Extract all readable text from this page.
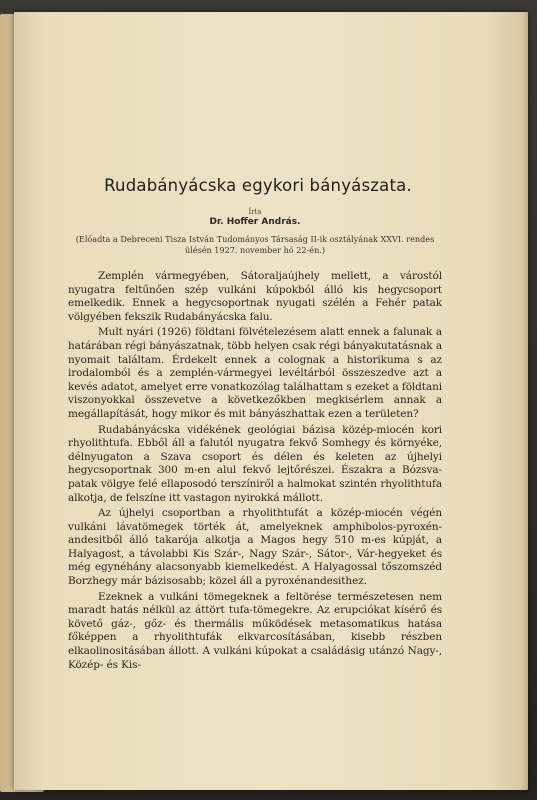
Rudabányácska egykori bányászata.
Írta
Dr. Hoffer András.
(Előadta a Debreceni Tisza István Tudományos Társaság II-ik osztályának XXVI. rendes ülésén 1927. november hó 22-én.)

Zemplén vármegyében, Sátoraljaújhely mellett, a várostól nyugatra feltűnően szép vulkáni kúpokból álló kis hegycsoport emelkedik. Ennek a hegycsoportnak nyugati szélén a Fehér patak völgyében fekszik Rudabányácska falu.

Mult nyári (1926) földtani fölvételezésem alatt ennek a falunak a határában régi bányászatnak, több helyen csak régi bányakutatásnak a nyomait találtam. Érdekelt ennek a colognak a historikuma s az irodalomból és a zemplén-vármegyei levéltárból összeszedve azt a kevés adatot, amelyet erre vonatkozólag találhattam s ezeket a földtani viszonyokkal összevetve a következőkben megkisérlem annak a megállapítását, hogy mikor és mit bányászhattak ezen a területen?

Rudabányácska vidékének geológiai bázisa közép-miocén kori rhyolithtufa. Ebből áll a falutól nyugatra fekvő Somhegy és környéke, délnyugaton a Szava csoport és délen és keleten az újhelyi hegycsoportnak 300 m-en alul fekvő lejtőrészei. Északra a Bózsva-patak völgye felé ellaposodó terszíniről a halmokat szintén rhyolithtufa alkotja, de felszíne itt vastagon nyirokká mállott.

Az újhelyi csoportban a rhyolithtufát a közép-miocén végén vulkáni lávatömegek törték át, amelyeknek amphibolos-pyroxén-andesitből álló takarója alkotja a Magos hegy 510 m-es kúpját, a Halyagost, a távolabbi Kis Szár-, Nagy Szár-, Sátor-, Vár-hegyeket és még egynéhány alacsonyabb kiemelkedést. A Halyagossal tőszomszéd Borzhegy már bázisosabb; közel áll a pyroxénandesithez.

Ezeknek a vulkáni tömegeknek a feltörése természetesen nem maradt hatás nélkül az áttört tufa-tömegekre. Az erupciókat kísérő és követő gáz-, gőz- és thermális működések metasomatikus hatása főképpen a rhyolithtufák elkvarcosításában, kisebb részben elkaolinositásában állott. A vulkáni kúpokat a családásig utánzó Nagy-, Közép- és Kis-
